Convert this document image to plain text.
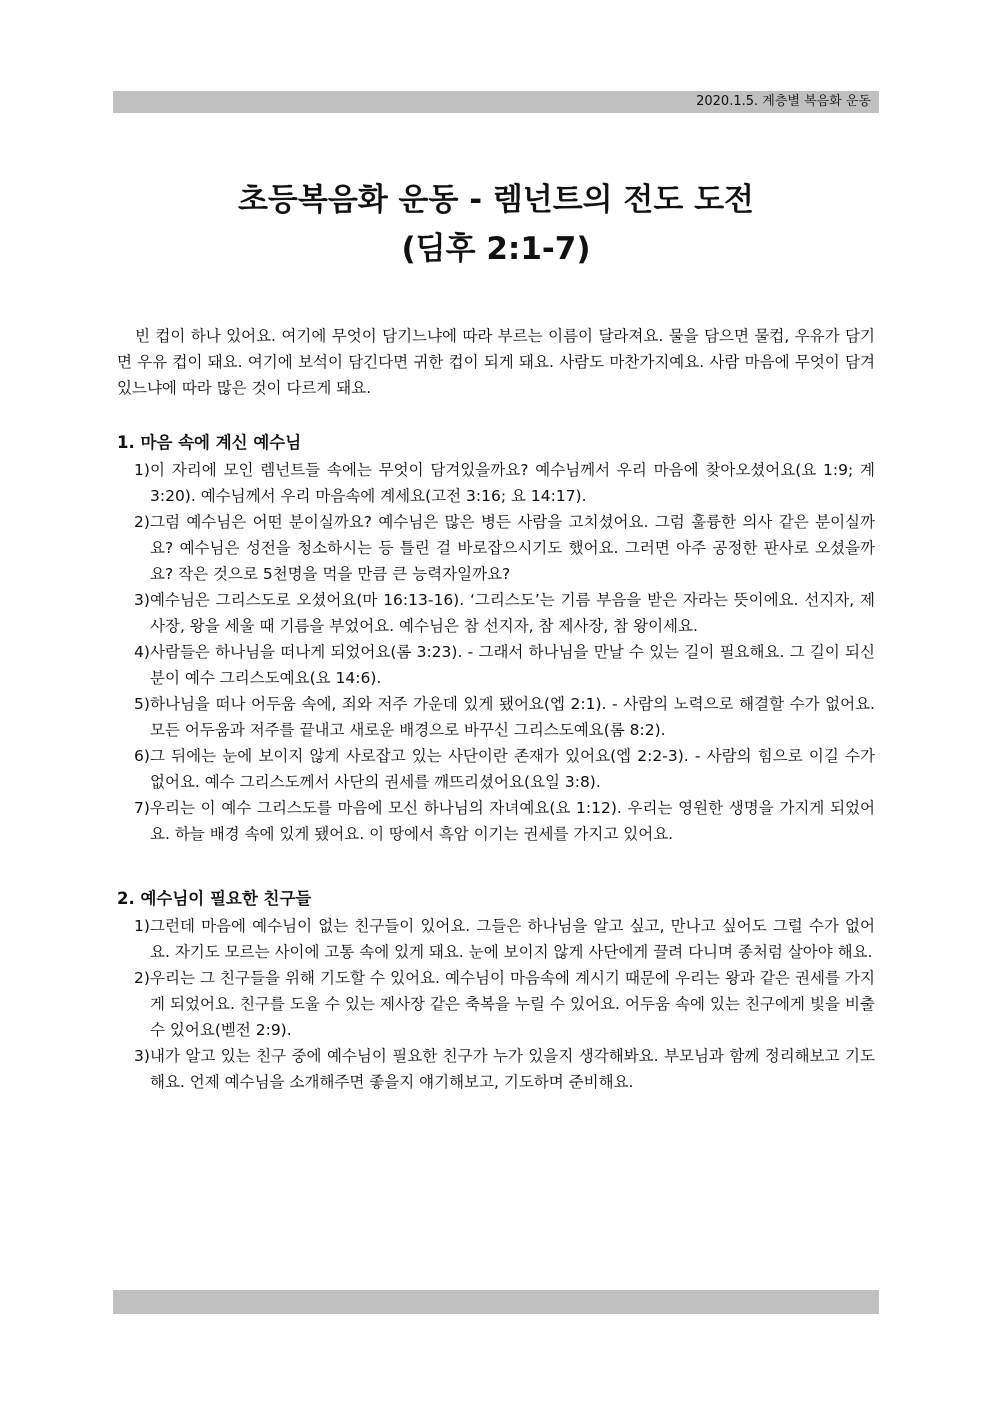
2020.1.5. 계층별 복음화 운동
초등복음화 운동 - 렘넌트의 전도 도전
(딤후 2:1-7)

빈 컵이 하나 있어요. 여기에 무엇이 담기느냐에 따라 부르는 이름이 달라져요. 물을 담으면 물컵, 우유가 담기면 우유 컵이 돼요. 여기에 보석이 담긴다면 귀한 컵이 되게 돼요. 사람도 마찬가지예요. 사람 마음에 무엇이 담겨있느냐에 따라 많은 것이 다르게 돼요.

1. 마음 속에 계신 예수님
1) 이 자리에 모인 렘넌트들 속에는 무엇이 담겨있을까요? 예수님께서 우리 마음에 찾아오셨어요(요 1:9; 계 3:20). 예수님께서 우리 마음속에 계세요(고전 3:16; 요 14:17).
2) 그럼 예수님은 어떤 분이실까요? 예수님은 많은 병든 사람을 고치셨어요. 그럼 훌륭한 의사 같은 분이실까요? 예수님은 성전을 청소하시는 등 틀린 걸 바로잡으시기도 했어요. 그러면 아주 공정한 판사로 오셨을까요? 작은 것으로 5천명을 먹을 만큼 큰 능력자일까요?
3) 예수님은 그리스도로 오셨어요(마 16:13-16). ‘그리스도’는 기름 부음을 받은 자라는 뜻이에요. 선지자, 제사장, 왕을 세울 때 기름을 부었어요. 예수님은 참 선지자, 참 제사장, 참 왕이세요.
4) 사람들은 하나님을 떠나게 되었어요(롬 3:23). - 그래서 하나님을 만날 수 있는 길이 필요해요. 그 길이 되신 분이 예수 그리스도예요(요 14:6).
5) 하나님을 떠나 어두움 속에, 죄와 저주 가운데 있게 됐어요(엡 2:1). - 사람의 노력으로 해결할 수가 없어요. 모든 어두움과 저주를 끝내고 새로운 배경으로 바꾸신 그리스도예요(롬 8:2).
6) 그 뒤에는 눈에 보이지 않게 사로잡고 있는 사단이란 존재가 있어요(엡 2:2-3). - 사람의 힘으로 이길 수가 없어요. 예수 그리스도께서 사단의 권세를 깨뜨리셨어요(요일 3:8).
7) 우리는 이 예수 그리스도를 마음에 모신 하나님의 자녀예요(요 1:12). 우리는 영원한 생명을 가지게 되었어요. 하늘 배경 속에 있게 됐어요. 이 땅에서 흑암 이기는 권세를 가지고 있어요.
2. 예수님이 필요한 친구들
1) 그런데 마음에 예수님이 없는 친구들이 있어요. 그들은 하나님을 알고 싶고, 만나고 싶어도 그럴 수가 없어요. 자기도 모르는 사이에 고통 속에 있게 돼요. 눈에 보이지 않게 사단에게 끌려 다니며 종처럼 살아야 해요.
2) 우리는 그 친구들을 위해 기도할 수 있어요. 예수님이 마음속에 계시기 때문에 우리는 왕과 같은 권세를 가지게 되었어요. 친구를 도울 수 있는 제사장 같은 축복을 누릴 수 있어요. 어두움 속에 있는 친구에게 빛을 비출 수 있어요(벧전 2:9).
3) 내가 알고 있는 친구 중에 예수님이 필요한 친구가 누가 있을지 생각해봐요. 부모님과 함께 정리해보고 기도해요. 언제 예수님을 소개해주면 좋을지 얘기해보고, 기도하며 준비해요.
